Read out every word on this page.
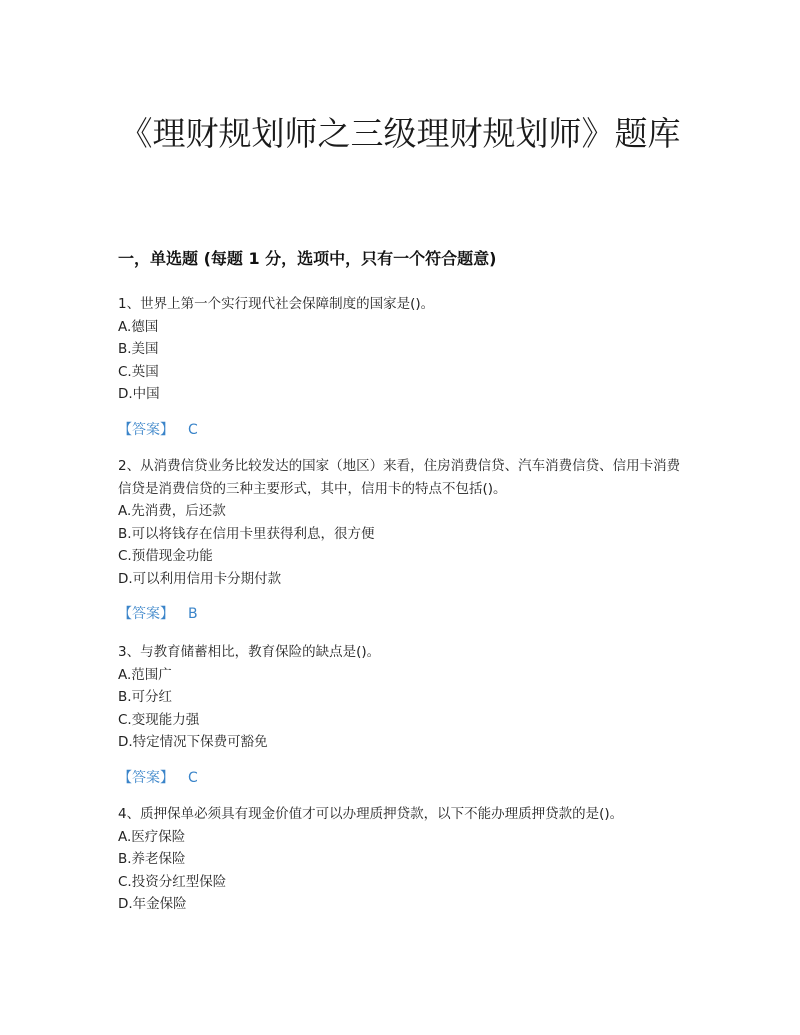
《理财规划师之三级理财规划师》题库
一，单选题 (每题 1 分，选项中，只有一个符合题意)

1、世界上第一个实行现代社会保障制度的国家是()。

A.德国

B.美国

C.英国

D.中国

【答案】 C

2、从消费信贷业务比较发达的国家（地区）来看，住房消费信贷、汽车消费信贷、信用卡消费信贷是消费信贷的三种主要形式，其中，信用卡的特点不包括()。

A.先消费，后还款

B.可以将钱存在信用卡里获得利息，很方便

C.预借现金功能

D.可以利用信用卡分期付款

【答案】 B

3、与教育储蓄相比，教育保险的缺点是()。

A.范围广

B.可分红

C.变现能力强

D.特定情况下保费可豁免

【答案】 C

4、质押保单必须具有现金价值才可以办理质押贷款，以下不能办理质押贷款的是()。

A.医疗保险

B.养老保险

C.投资分红型保险

D.年金保险
